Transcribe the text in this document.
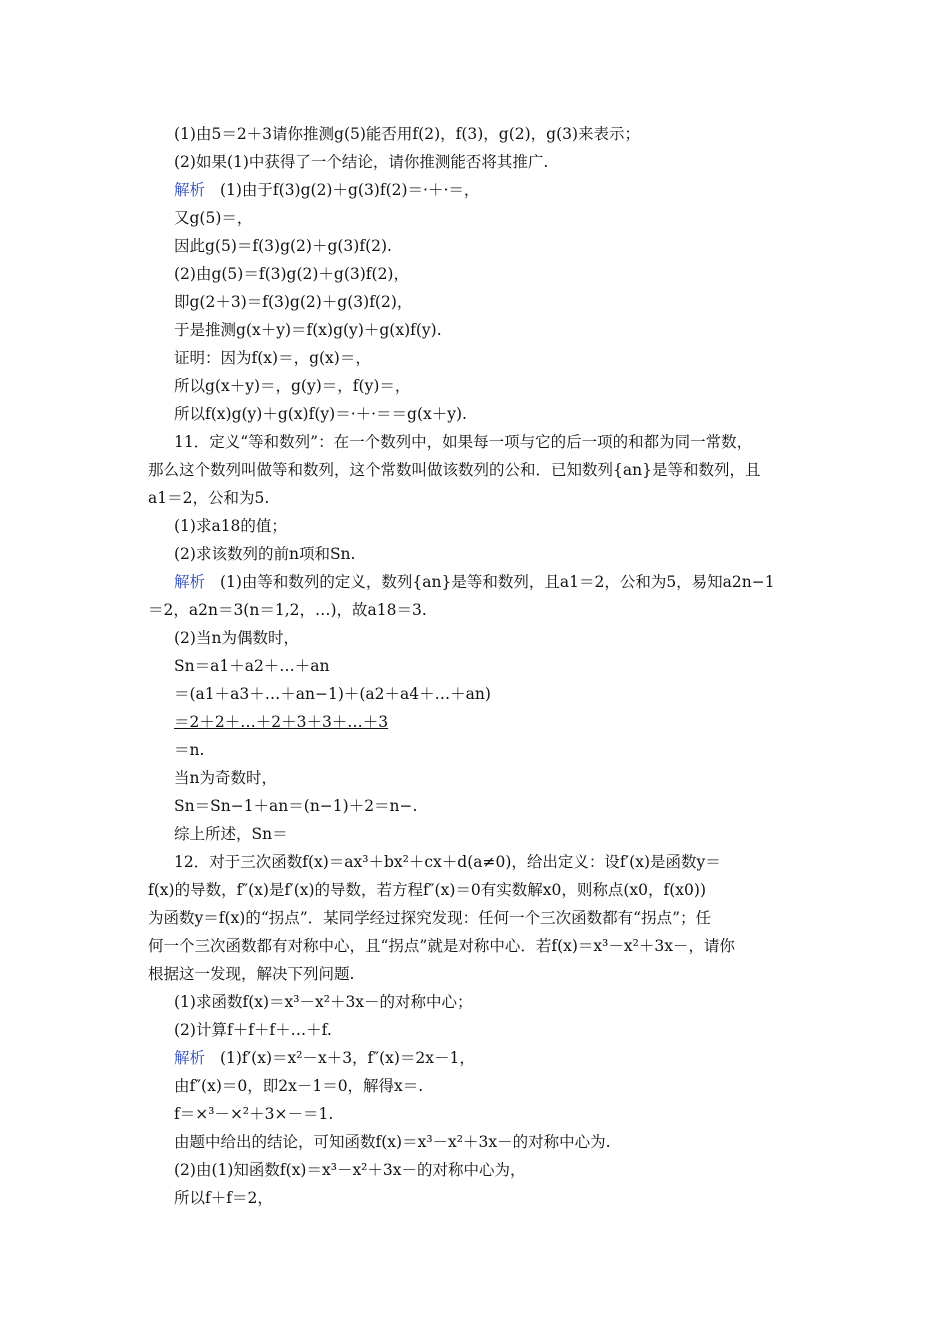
(1)由5＝2＋3请你推测g(5)能否用f(2)，f(3)，g(2)，g(3)来表示；
(2)如果(1)中获得了一个结论，请你推测能否将其推广.
解析 (1)由于f(3)g(2)＋g(3)f(2)＝·＋·＝，
又g(5)＝，
因此g(5)＝f(3)g(2)＋g(3)f(2).
(2)由g(5)＝f(3)g(2)＋g(3)f(2)，
即g(2＋3)＝f(3)g(2)＋g(3)f(2)，
于是推测g(x＋y)＝f(x)g(y)＋g(x)f(y).
证明：因为f(x)＝，g(x)＝，
所以g(x＋y)＝，g(y)＝，f(y)＝，
所以f(x)g(y)＋g(x)f(y)＝·＋·＝＝g(x＋y).
11．定义“等和数列”：在一个数列中，如果每一项与它的后一项的和都为同一常数，
那么这个数列叫做等和数列，这个常数叫做该数列的公和．已知数列{an}是等和数列，且
a1＝2，公和为5.
(1)求a18的值；
(2)求该数列的前n项和Sn.
解析 (1)由等和数列的定义，数列{an}是等和数列，且a1＝2，公和为5，易知a2n−1
＝2，a2n＝3(n＝1,2，…)，故a18＝3.
(2)当n为偶数时，
Sn＝a1＋a2＋…＋an
＝(a1＋a3＋…＋an−1)＋(a2＋a4＋…＋an)
＝2＋2＋…＋2＋3＋3＋…＋3
＝n.
当n为奇数时，
Sn＝Sn−1＋an＝(n−1)＋2＝n−.
综上所述，Sn＝
12．对于三次函数f(x)＝ax³＋bx²＋cx＋d(a≠0)，给出定义：设f′(x)是函数y＝
f(x)的导数，f″(x)是f′(x)的导数，若方程f″(x)＝0有实数解x0，则称点(x0，f(x0))
为函数y＝f(x)的“拐点”．某同学经过探究发现：任何一个三次函数都有“拐点”；任
何一个三次函数都有对称中心，且“拐点”就是对称中心．若f(x)＝x³－x²＋3x－，请你
根据这一发现，解决下列问题.
(1)求函数f(x)＝x³－x²＋3x－的对称中心；
(2)计算f＋f＋f＋…＋f.
解析 (1)f′(x)＝x²－x＋3，f″(x)＝2x－1，
由f″(x)＝0，即2x－1＝0，解得x＝.
f＝×³－×²＋3×－＝1.
由题中给出的结论，可知函数f(x)＝x³－x²＋3x－的对称中心为.
(2)由(1)知函数f(x)＝x³－x²＋3x－的对称中心为，
所以f＋f＝2，
